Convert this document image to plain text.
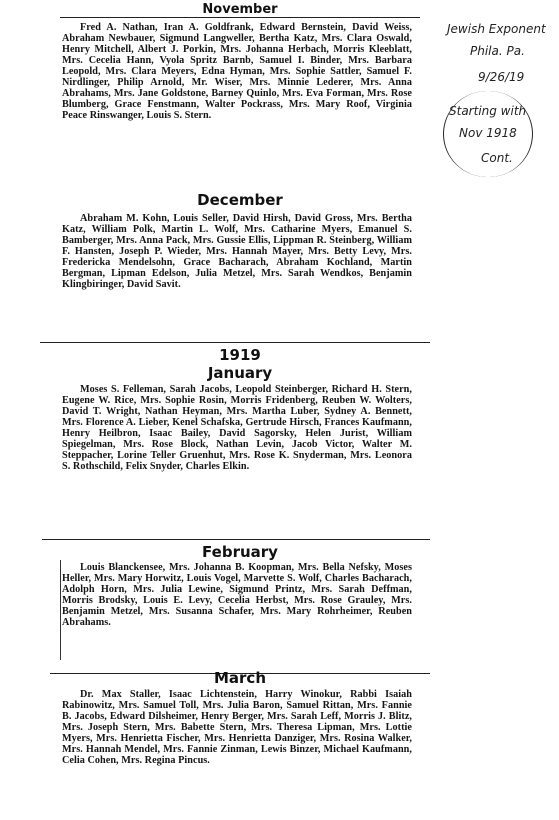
November
Fred A. Nathan, Iran A. Goldfrank, Edward Bernstein, David Weiss, Abraham Newbauer, Sigmund Langweller, Bertha Katz, Mrs. Clara Oswald, Henry Mitchell, Albert J. Porkin, Mrs. Johanna Herbach, Morris Kleeblatt, Mrs. Cecelia Hann, Vyola Spritz Barnb, Samuel I. Binder, Mrs. Barbara Leopold, Mrs. Clara Meyers, Edna Hyman, Mrs. Sophie Sattler, Samuel F. Nirdlinger, Philip Arnold, Mr. Wiser, Mrs. Minnie Lederer, Mrs. Anna Abrahams, Mrs. Jane Goldstone, Barney Quinlo, Mrs. Eva Forman, Mrs. Rose Blumberg, Grace Fenstmann, Walter Pockrass, Mrs. Mary Roof, Virginia Peace Rinswanger, Louis S. Stern.
December
Abraham M. Kohn, Louis Seller, David Hirsh, David Gross, Mrs. Bertha Katz, William Polk, Martin L. Wolf, Mrs. Catharine Myers, Emanuel S. Bamberger, Mrs. Anna Pack, Mrs. Gussie Ellis, Lippman R. Steinberg, William F. Hansten, Joseph P. Wieder, Mrs. Hannah Mayer, Mrs. Betty Levy, Mrs. Fredericka Mendelsohn, Grace Bacharach, Abraham Kochland, Martin Bergman, Lipman Edelson, Julia Metzel, Mrs. Sarah Wendkos, Benjamin Klingbiringer, David Savit.
1919
January
Moses S. Felleman, Sarah Jacobs, Leopold Steinberger, Richard H. Stern, Eugene W. Rice, Mrs. Sophie Rosin, Morris Fridenberg, Reuben W. Wolters, David T. Wright, Nathan Heyman, Mrs. Martha Luber, Sydney A. Bennett, Mrs. Florence A. Lieber, Kenel Schafska, Gertrude Hirsch, Frances Kaufmann, Henry Heilbron, Isaac Bailey, David Sagorsky, Helen Jurist, William Spiegelman, Mrs. Rose Block, Nathan Levin, Jacob Victor, Walter M. Steppacher, Lorine Teller Gruenhut, Mrs. Rose K. Snyderman, Mrs. Leonora S. Rothschild, Felix Snyder, Charles Elkin.
February
Louis Blanckensee, Mrs. Johanna B. Koopman, Mrs. Bella Nefsky, Moses Heller, Mrs. Mary Horwitz, Louis Vogel, Marvette S. Wolf, Charles Bacharach, Adolph Horn, Mrs. Julia Lewine, Sigmund Printz, Mrs. Sarah Deffman, Morris Brodsky, Louis E. Levy, Cecelia Herbst, Mrs. Rose Grauley, Mrs. Benjamin Metzel, Mrs. Susanna Schafer, Mrs. Mary Rohrheimer, Reuben Abrahams.
March
Dr. Max Staller, Isaac Lichtenstein, Harry Winokur, Rabbi Isaiah Rabinowitz, Mrs. Samuel Toll, Mrs. Julia Baron, Samuel Rittan, Mrs. Fannie B. Jacobs, Edward Dilsheimer, Henry Berger, Mrs. Sarah Leff, Morris J. Blitz, Mrs. Joseph Stern, Mrs. Babette Stern, Mrs. Theresa Lipman, Mrs. Lottie Myers, Mrs. Henrietta Fischer, Mrs. Henrietta Danziger, Mrs. Rosina Walker, Mrs. Hannah Mendel, Mrs. Fannie Zinman, Lewis Binzer, Michael Kaufmann, Celia Cohen, Mrs. Regina Pincus.
Jewish Exponent
Phila. Pa.
9/26/19
Starting with
Nov 1918
Cont.
